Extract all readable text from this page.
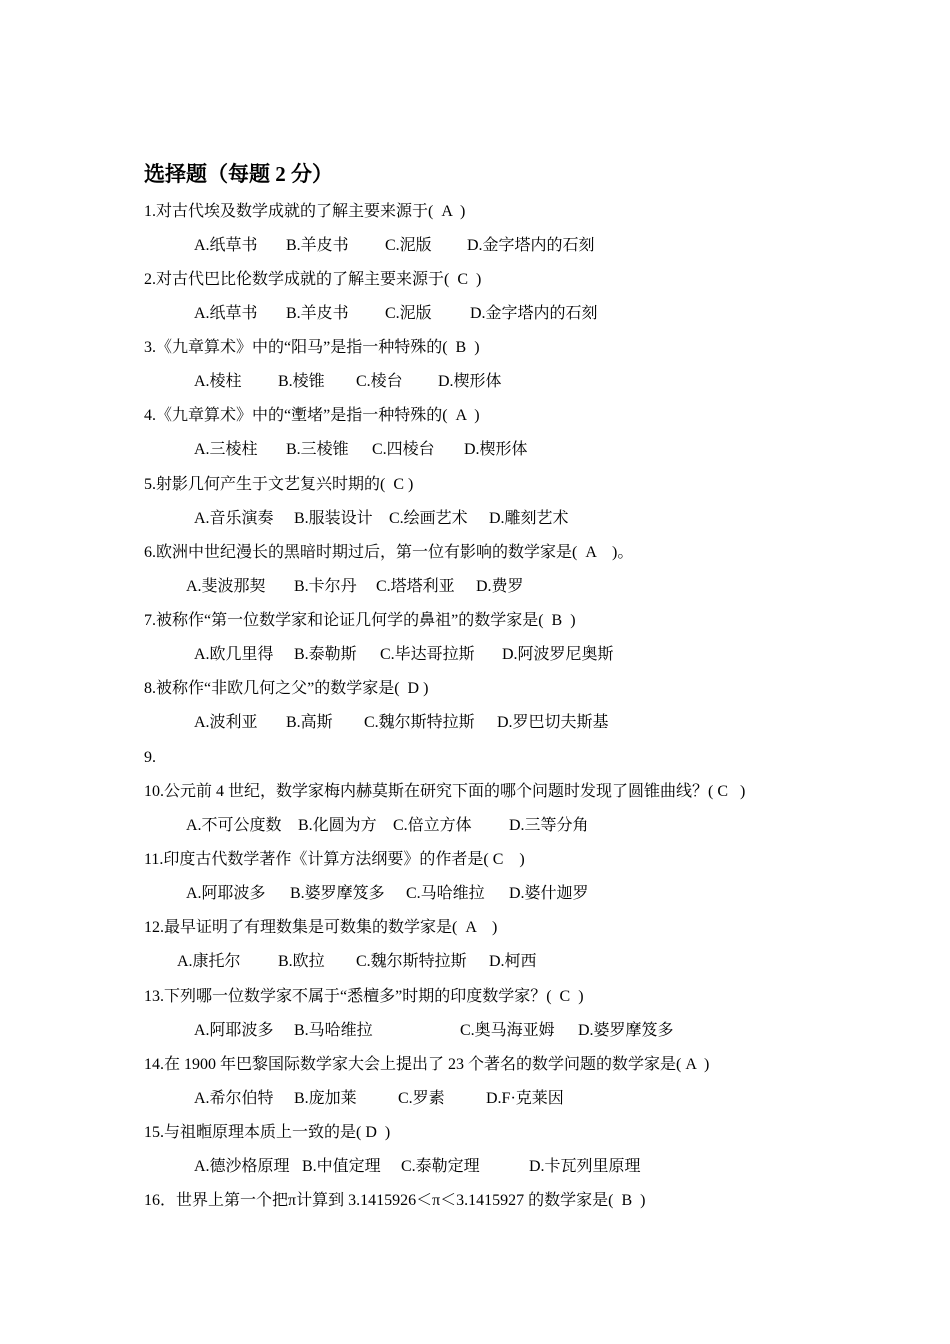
选择题（每题 2 分）
1.对古代埃及数学成就的了解主要来源于(  A  )
A.纸草书 B.羊皮书 C.泥版 D.金字塔内的石刻
2.对古代巴比伦数学成就的了解主要来源于(  C  )
A.纸草书 B.羊皮书 C.泥版 D.金字塔内的石刻
3.《九章算术》中的“阳马”是指一种特殊的(  B  )
A.棱柱 B.棱锥 C.棱台 D.楔形体
4.《九章算术》中的“壍堵”是指一种特殊的(  A  )
A.三棱柱 B.三棱锥 C.四棱台 D.楔形体
5.射影几何产生于文艺复兴时期的(  C )
A.音乐演奏 B.服装设计 C.绘画艺术 D.雕刻艺术
6.欧洲中世纪漫长的黑暗时期过后，第一位有影响的数学家是(  A    )。
A.斐波那契 B.卡尔丹 C.塔塔利亚 D.费罗
7.被称作“第一位数学家和论证几何学的鼻祖”的数学家是(  B  )
A.欧几里得 B.泰勒斯 C.毕达哥拉斯 D.阿波罗尼奥斯
8.被称作“非欧几何之父”的数学家是(  D )
A.波利亚 B.高斯 C.魏尔斯特拉斯 D.罗巴切夫斯基
9.
10.公元前 4 世纪，数学家梅内赫莫斯在研究下面的哪个问题时发现了圆锥曲线？( C   )
A.不可公度数 B.化圆为方 C.倍立方体 D.三等分角
11.印度古代数学著作《计算方法纲要》的作者是( C    )
A.阿耶波多 B.婆罗摩笈多 C.马哈维拉 D.婆什迦罗
12.最早证明了有理数集是可数集的数学家是(  A    )
A.康托尔 B.欧拉 C.魏尔斯特拉斯 D.柯西
13.下列哪一位数学家不属于“悉檀多”时期的印度数学家？(  C  )
A.阿耶波多 B.马哈维拉	C.奥马海亚姆 D.婆罗摩笈多
14.在 1900 年巴黎国际数学家大会上提出了 23 个著名的数学问题的数学家是( A  )
A.希尔伯特 B.庞加莱	C.罗素	D.F·克莱因
15.与祖暅原理本质上一致的是( D  )
A.德沙格原理 B.中值定理 C.泰勒定理	D.卡瓦列里原理
16．世界上第一个把π计算到 3.1415926＜π＜3.1415927 的数学家是(  B  )
